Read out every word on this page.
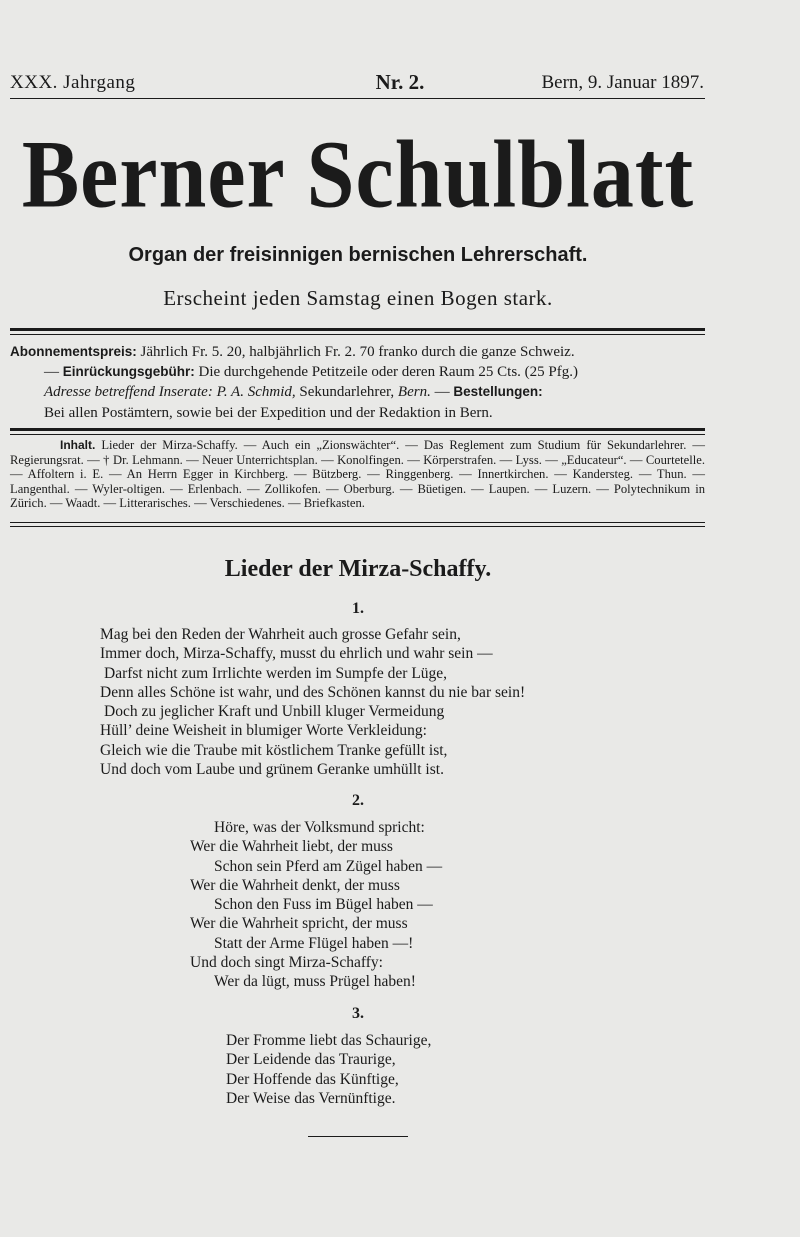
XXX. Jahrgang	Nr. 2.	Bern, 9. Januar 1897.
Berner Schulblatt
Organ der freisinnigen bernischen Lehrerschaft.
Erscheint jeden Samstag einen Bogen stark.
Abonnementspreis: Jährlich Fr. 5. 20, halbjährlich Fr. 2. 70 franko durch die ganze Schweiz.
— Einrückungsgebühr: Die durchgehende Petitzeile oder deren Raum 25 Cts. (25 Pfg.)
Adresse betreffend Inserate: P. A. Schmid, Sekundarlehrer, Bern. — Bestellungen:
Bei allen Postämtern, sowie bei der Expedition und der Redaktion in Bern.
Inhalt. Lieder der Mirza-Schaffy. — Auch ein „Zionswächter“. — Das Reglement zum Studium für Sekundarlehrer. — Regierungsrat. — † Dr. Lehmann. — Neuer Unterrichtsplan. — Konolfingen. — Körperstrafen. — Lyss. — „Educateur“. — Courtetelle. — Affoltern i. E. — An Herrn Egger in Kirchberg. — Bützberg. — Ringgenberg. — Innertkirchen. — Kandersteg. — Thun. — Langenthal. — Wyler-oltigen. — Erlenbach. — Zollikofen. — Oberburg. — Büetigen. — Laupen. — Luzern. — Polytechnikum in Zürich. — Waadt. — Litterarisches. — Verschiedenes. — Briefkasten.
Lieder der Mirza-Schaffy.
1.
Mag bei den Reden der Wahrheit auch grosse Gefahr sein,
Immer doch, Mirza-Schaffy, musst du ehrlich und wahr sein —
Darfst nicht zum Irrlichte werden im Sumpfe der Lüge,
Denn alles Schöne ist wahr, und des Schönen kannst du nie bar sein!
Doch zu jeglicher Kraft und Unbill kluger Vermeidung
Hüll’ deine Weisheit in blumiger Worte Verkleidung:
Gleich wie die Traube mit köstlichem Tranke gefüllt ist,
Und doch vom Laube und grünem Geranke umhüllt ist.
2.
Höre, was der Volksmund spricht:
Wer die Wahrheit liebt, der muss
Schon sein Pferd am Zügel haben —
Wer die Wahrheit denkt, der muss
Schon den Fuss im Bügel haben —
Wer die Wahrheit spricht, der muss
Statt der Arme Flügel haben —!
Und doch singt Mirza-Schaffy:
Wer da lügt, muss Prügel haben!
3.
Der Fromme liebt das Schaurige,
Der Leidende das Traurige,
Der Hoffende das Künftige,
Der Weise das Vernünftige.
